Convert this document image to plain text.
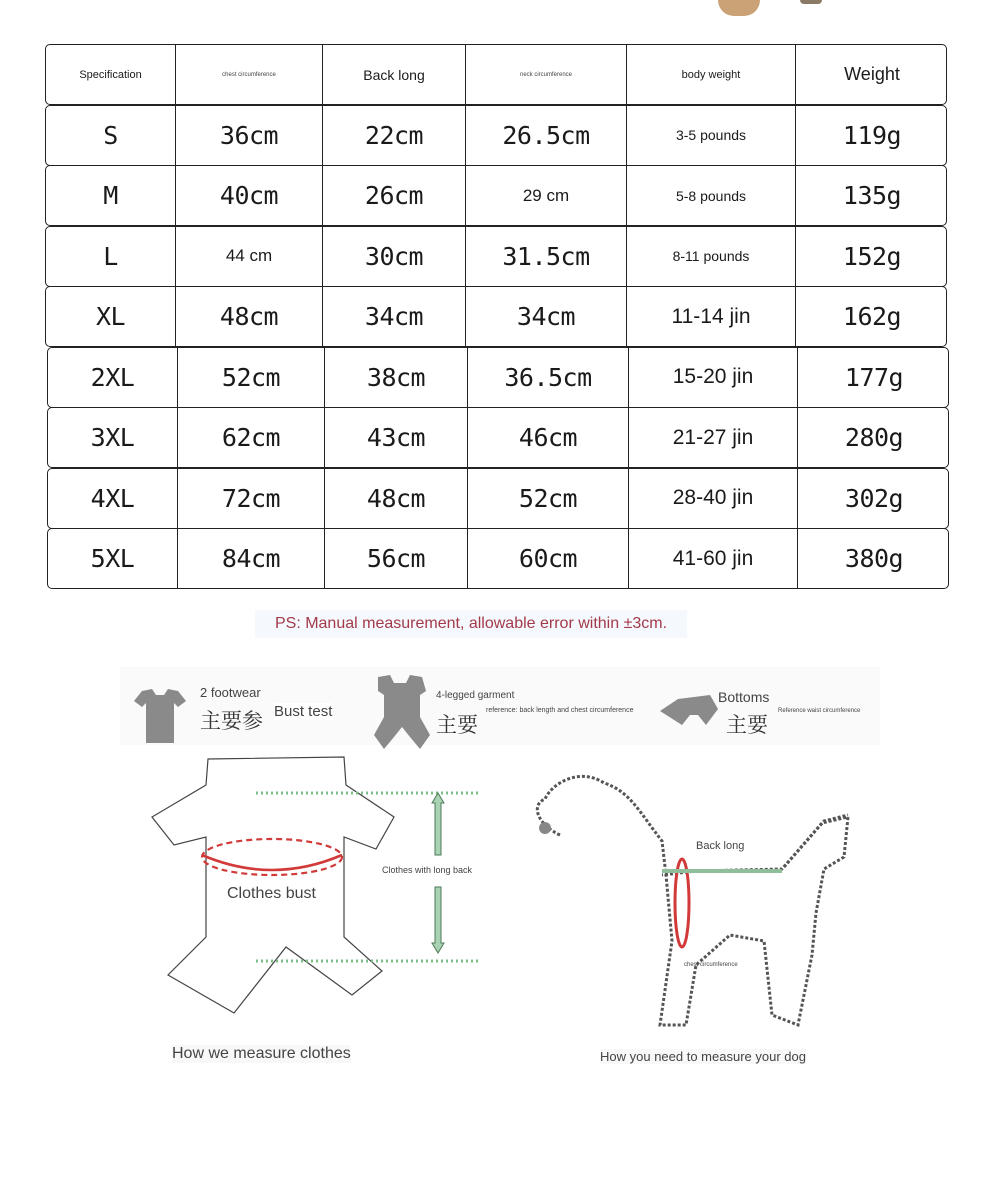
Specification	chest circumference	Back long	neck circumference	body weight	Weight
S	36cm	22cm	26.5cm	3-5 pounds	119g
M	40cm	26cm	29 cm	5-8 pounds	135g
L	44 cm	30cm	31.5cm	8-11 pounds	152g
XL	48cm	34cm	34cm	11-14 jin	162g
2XL	52cm	38cm	36.5cm	15-20 jin	177g
3XL	62cm	43cm	46cm	21-27 jin	280g
4XL	72cm	48cm	52cm	28-40 jin	302g
5XL	84cm	56cm	60cm	41-60 jin	380g
PS: Manual measurement, allowable error within ±3cm.
2 footwear
主要参 Bust test
4-legged garment
主要
reference: back length and chest circumference
Bottoms
主要
Reference waist circumference
Clothes bust
Clothes with long back
How we measure clothes
Back long
chest circumference
How you need to measure your dog
